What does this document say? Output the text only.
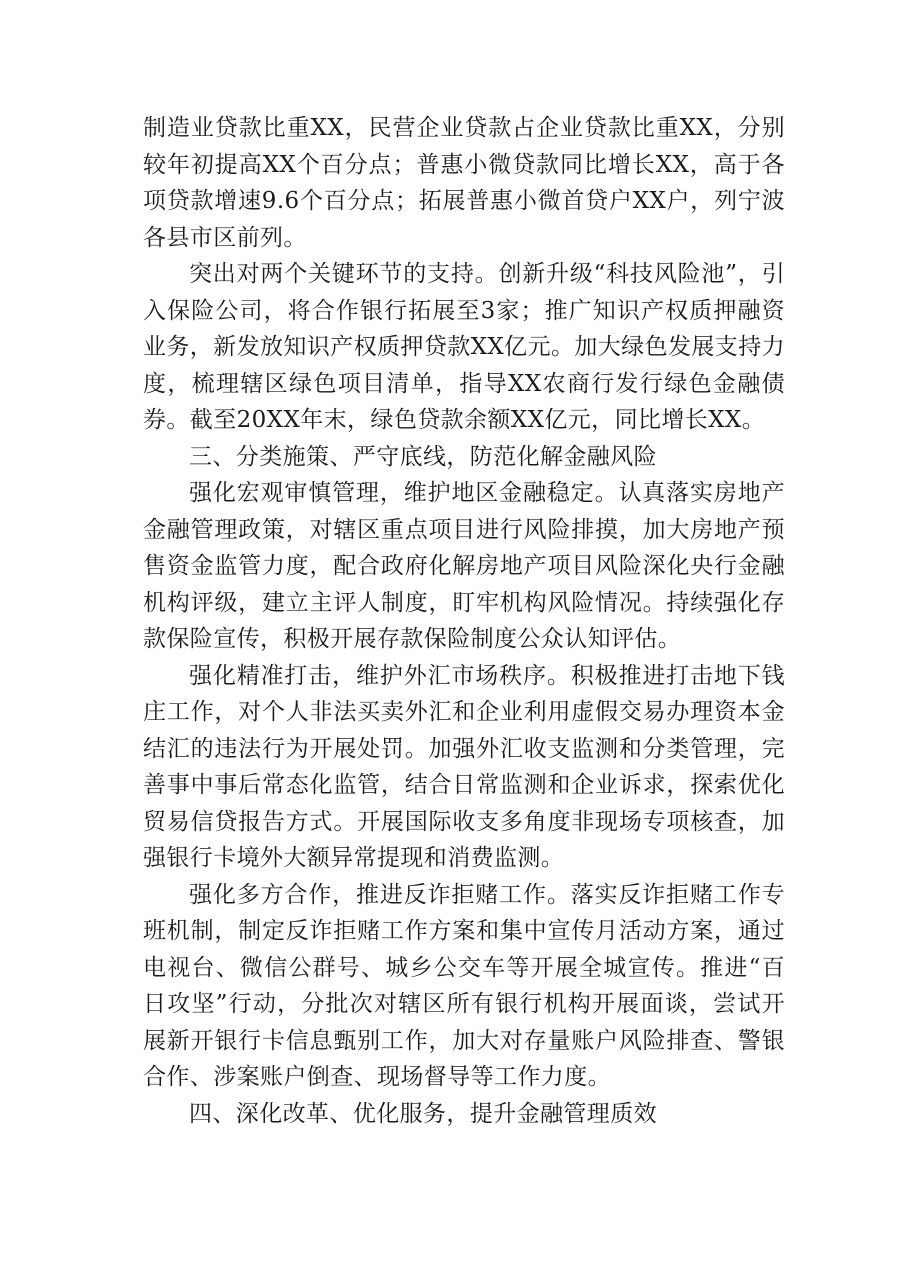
制造业贷款比重XX，民营企业贷款占企业贷款比重XX，分别较年初提高XX个百分点；普惠小微贷款同比增长XX，高于各项贷款增速9.6个百分点；拓展普惠小微首贷户XX户，列宁波各县市区前列。

突出对两个关键环节的支持。创新升级“科技风险池”，引入保险公司，将合作银行拓展至3家；推广知识产权质押融资业务，新发放知识产权质押贷款XX亿元。加大绿色发展支持力度，梳理辖区绿色项目清单，指导XX农商行发行绿色金融债券。截至20XX年末，绿色贷款余额XX亿元，同比增长XX。

三、分类施策、严守底线，防范化解金融风险

强化宏观审慎管理，维护地区金融稳定。认真落实房地产金融管理政策，对辖区重点项目进行风险排摸，加大房地产预售资金监管力度，配合政府化解房地产项目风险深化央行金融机构评级，建立主评人制度，盯牢机构风险情况。持续强化存款保险宣传，积极开展存款保险制度公众认知评估。

强化精准打击，维护外汇市场秩序。积极推进打击地下钱庄工作，对个人非法买卖外汇和企业利用虚假交易办理资本金结汇的违法行为开展处罚。加强外汇收支监测和分类管理，完善事中事后常态化监管，结合日常监测和企业诉求，探索优化贸易信贷报告方式。开展国际收支多角度非现场专项核查，加强银行卡境外大额异常提现和消费监测。

强化多方合作，推进反诈拒赌工作。落实反诈拒赌工作专班机制，制定反诈拒赌工作方案和集中宣传月活动方案，通过电视台、微信公群号、城乡公交车等开展全城宣传。推进“百日攻坚”行动，分批次对辖区所有银行机构开展面谈，尝试开展新开银行卡信息甄别工作，加大对存量账户风险排查、警银合作、涉案账户倒查、现场督导等工作力度。

四、深化改革、优化服务，提升金融管理质效
